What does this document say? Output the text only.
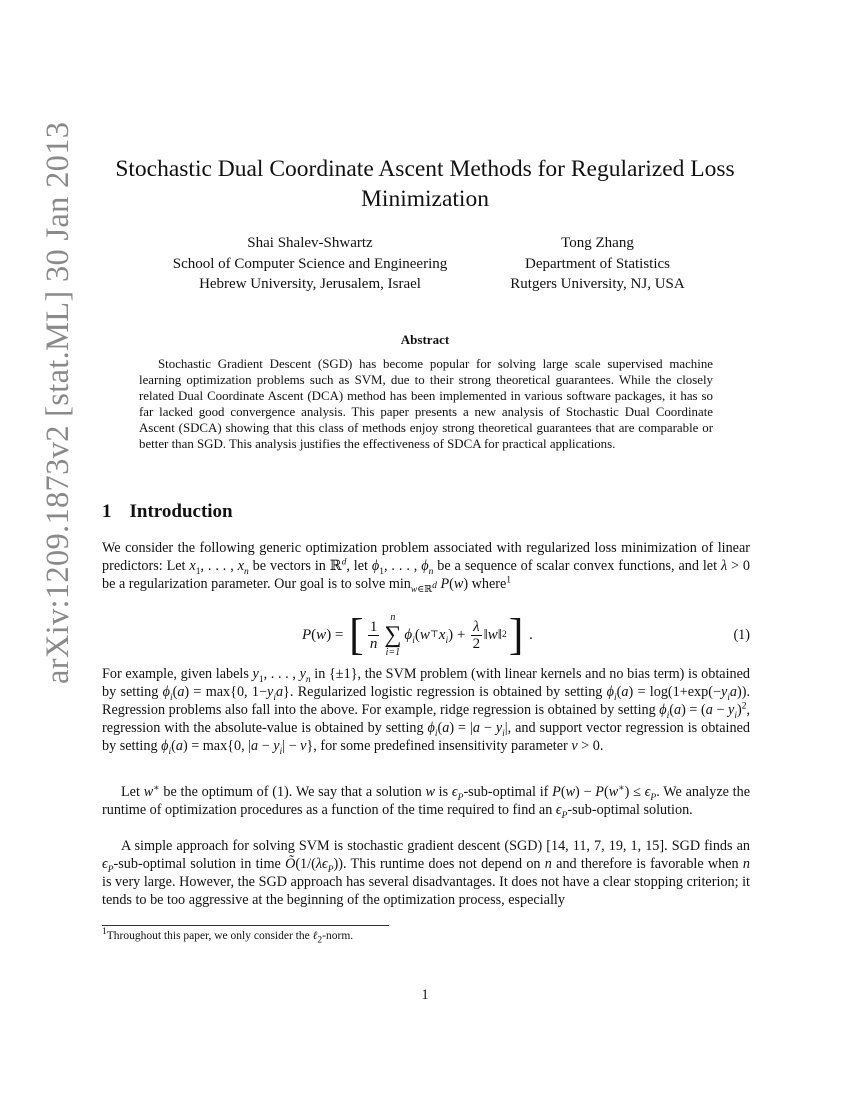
arXiv:1209.1873v2 [stat.ML] 30 Jan 2013	Stochastic Dual Coordinate Ascent Methods for Regularized Loss Minimization
Shai Shalev-Shwartz
School of Computer Science and Engineering
Hebrew University, Jerusalem, Israel
Tong Zhang
Department of Statistics
Rutgers University, NJ, USA
Abstract
Stochastic Gradient Descent (SGD) has become popular for solving large scale supervised machine learning optimization problems such as SVM, due to their strong theoretical guarantees. While the closely related Dual Coordinate Ascent (DCA) method has been implemented in various software packages, it has so far lacked good convergence analysis. This paper presents a new analysis of Stochastic Dual Coordinate Ascent (SDCA) showing that this class of methods enjoy strong theoretical guarantees that are comparable or better than SGD. This analysis justifies the effectiveness of SDCA for practical applications.
1 Introduction
We consider the following generic optimization problem associated with regularized loss minimization of linear predictors: Let $x_1$, . . . , $x_n$ be vectors in ℝ$^d$, let $\phi_1$, . . . , $\phi_n$ be a sequence of scalar convex functions, and let λ > 0 be a regularization parameter. Our goal is to solve $\min_{w\in ℝ^d} P(w)$ where$^1$
P ( w ) = [ $\frac{1}{n}$
n
∑
i=1
$\phi_i$ ( w ⊤ $x_i$ ) + $\frac{\lambda}{2}$ ‖ w ‖ 2 ] .	(1)
For example, given labels $y_1$, . . . , $y_n$ in {±1}, the SVM problem (with linear kernels and no bias term) is obtained by setting $\phi_i(a) = \max\{0$, $1-y_ia$}. Regularized logistic regression is obtained by setting $\phi_i(a) = \log(1+\exp(-y_ia))$. Regression problems also fall into the above. For example, ridge regression is obtained by setting $\phi_i(a) = (a - y_i)^2$, regression with the absolute-value is obtained by setting $\phi_i(a) = |a - y_i|$, and support vector regression is obtained by setting $\phi_i(a) = \max\{0$, $|a - y_i| - \nu$}, for some predefined insensitivity parameter ν > 0.
Let w∗ be the optimum of (1). We say that a solution w is $\epsilon_P-sub$-optimal if $P(w) - P(w^∗) \le \epsilon_P$. We analyze the runtime of optimization procedures as a function of the time required to find an $\epsilon_P-sub$-optimal solution.
A simple approach for solving SVM is stochastic gradient descent (SGD) [14, 11, 7, 19, 1, 15]. SGD finds an $\epsilon_P-sub$-optimal solution in time $Õ(1/(\lambda\epsilon_P))$. This runtime does not depend on n and therefore is favorable when n is very large. However, the SGD approach has several disadvantages. It does not have a clear stopping criterion; it tends to be too aggressive at the beginning of the optimization process, especially
$^1$Throughout this paper, we only consider the ℓ$_2$-norm.
1
